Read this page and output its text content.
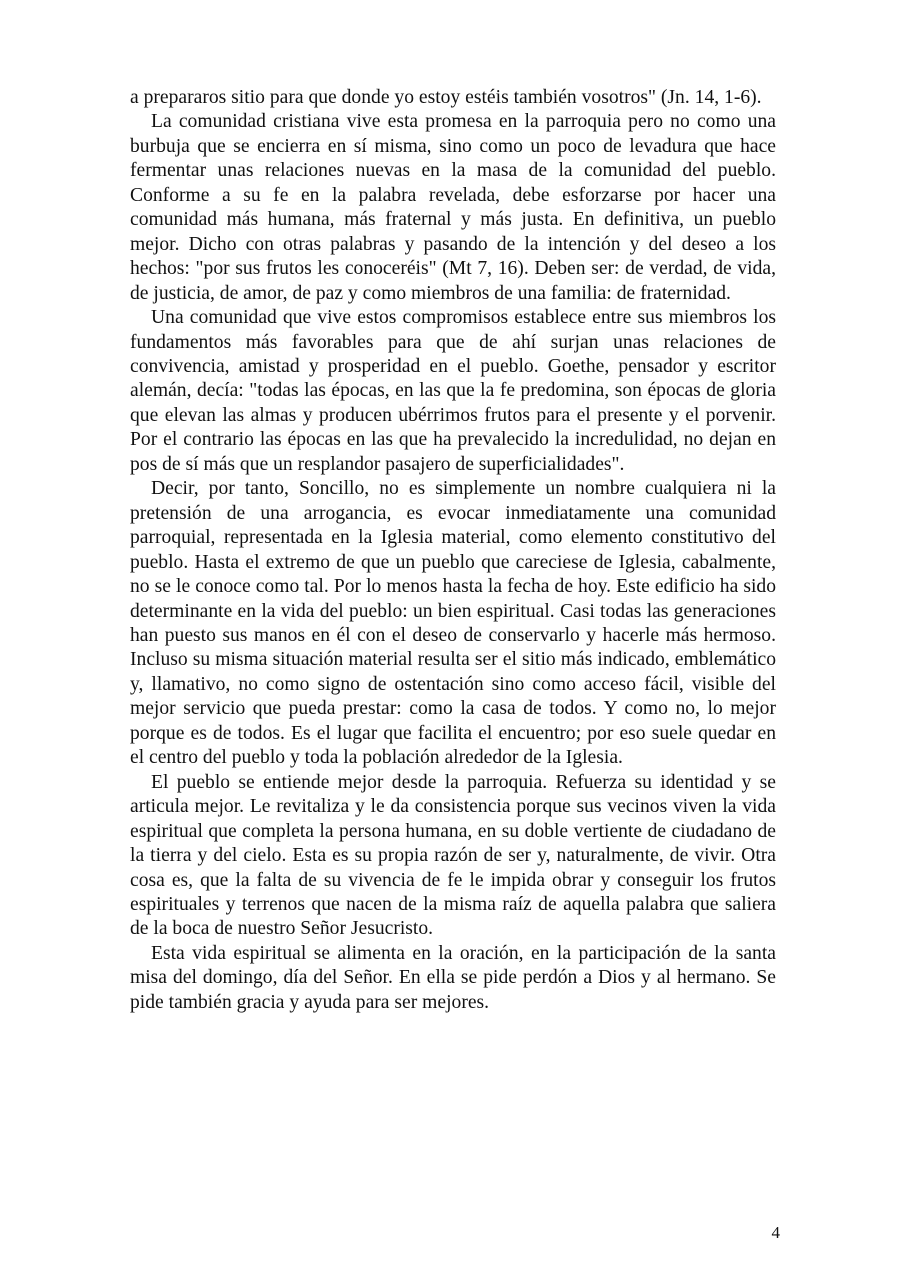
a prepararos sitio para que donde yo estoy estéis también vosotros" (Jn. 14, 1-6).

La comunidad cristiana vive esta promesa en la parroquia pero no como una burbuja que se encierra en sí misma, sino como un poco de levadura que hace fermentar unas relaciones nuevas en la masa de la comunidad del pueblo. Conforme a su fe en la palabra revelada, debe esforzarse por hacer una comunidad más humana, más fraternal y más justa. En definitiva, un pueblo mejor. Dicho con otras palabras y pasando de la intención y del deseo a los hechos: "por sus frutos les conoceréis" (Mt 7, 16). Deben ser: de verdad, de vida, de justicia, de amor, de paz y como miembros de una familia: de fraternidad.

Una comunidad que vive estos compromisos establece entre sus miembros los fundamentos más favorables para que de ahí surjan unas relaciones de convivencia, amistad y prosperidad en el pueblo. Goethe, pensador y escritor alemán, decía: "todas las épocas, en las que la fe predomina, son épocas de gloria que elevan las almas y producen ubérrimos frutos para el presente y el porvenir. Por el contrario las épocas en las que ha prevalecido la incredulidad, no dejan en pos de sí más que un resplandor pasajero de superficialidades".

Decir, por tanto, Soncillo, no es simplemente un nombre cualquiera ni la pretensión de una arrogancia, es evocar inmediatamente una comunidad parroquial, representada en la Iglesia material, como elemento constitutivo del pueblo. Hasta el extremo de que un pueblo que careciese de Iglesia, cabalmente, no se le conoce como tal. Por lo menos hasta la fecha de hoy. Este edificio ha sido determinante en la vida del pueblo: un bien espiritual. Casi todas las generaciones han puesto sus manos en él con el deseo de conservarlo y hacerle más hermoso. Incluso su misma situación material resulta ser el sitio más indicado, emblemático y, llamativo, no como signo de ostentación sino como acceso fácil, visible del mejor servicio que pueda prestar: como la casa de todos. Y como no, lo mejor porque es de todos. Es el lugar que facilita el encuentro; por eso suele quedar en el centro del pueblo y toda la población alrededor de la Iglesia.

El pueblo se entiende mejor desde la parroquia. Refuerza su identidad y se articula mejor. Le revitaliza y le da consistencia porque sus vecinos viven la vida espiritual que completa la persona humana, en su doble vertiente de ciudadano de la tierra y del cielo. Esta es su propia razón de ser y, naturalmente, de vivir. Otra cosa es, que la falta de su vivencia de fe le impida obrar y conseguir los frutos espirituales y terrenos que nacen de la misma raíz de aquella palabra que saliera de la boca de nuestro Señor Jesucristo.

Esta vida espiritual se alimenta en la oración, en la participación de la santa misa del domingo, día del Señor. En ella se pide perdón a Dios y al hermano. Se pide también gracia y ayuda para ser mejores.

4
